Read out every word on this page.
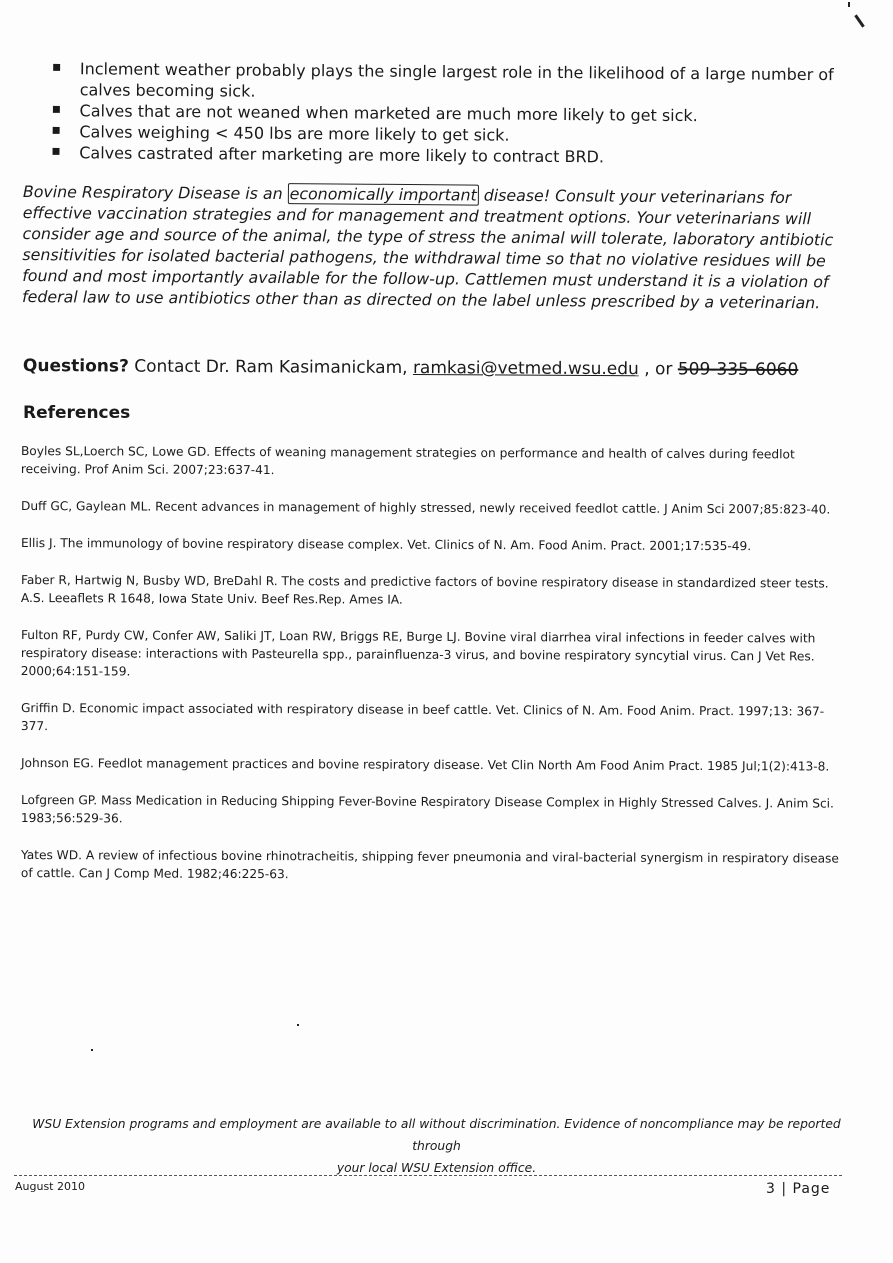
▪ Inclement weather probably plays the single largest role in the likelihood of a large number of calves becoming sick.
▪ Calves that are not weaned when marketed are much more likely to get sick.
▪ Calves weighing < 450 lbs are more likely to get sick.
▪ Calves castrated after marketing are more likely to contract BRD.

Bovine Respiratory Disease is an economically important disease! Consult your veterinarians for effective vaccination strategies and for management and treatment options. Your veterinarians will consider age and source of the animal, the type of stress the animal will tolerate, laboratory antibiotic sensitivities for isolated bacterial pathogens, the withdrawal time so that no violative residues will be found and most importantly available for the follow-up. Cattlemen must understand it is a violation of federal law to use antibiotics other than as directed on the label unless prescribed by a veterinarian.

Questions? Contact Dr. Ram Kasimanickam, ramkasi@vetmed.wsu.edu , or 509-335-6060
References

Boyles SL,Loerch SC, Lowe GD. Effects of weaning management strategies on performance and health of calves during feedlot receiving. Prof Anim Sci. 2007;23:637-41.

Duff GC, Gaylean ML. Recent advances in management of highly stressed, newly received feedlot cattle. J Anim Sci 2007;85:823-40.

Ellis J. The immunology of bovine respiratory disease complex. Vet. Clinics of N. Am. Food Anim. Pract. 2001;17:535-49.

Faber R, Hartwig N, Busby WD, BreDahl R. The costs and predictive factors of bovine respiratory disease in standardized steer tests. A.S. Leeaflets R 1648, Iowa State Univ. Beef Res.Rep. Ames IA.

Fulton RF, Purdy CW, Confer AW, Saliki JT, Loan RW, Briggs RE, Burge LJ. Bovine viral diarrhea viral infections in feeder calves with respiratory disease: interactions with Pasteurella spp., parainfluenza-3 virus, and bovine respiratory syncytial virus. Can J Vet Res. 2000;64:151-159.

Griffin D. Economic impact associated with respiratory disease in beef cattle. Vet. Clinics of N. Am. Food Anim. Pract. 1997;13: 367-377.

Johnson EG. Feedlot management practices and bovine respiratory disease. Vet Clin North Am Food Anim Pract. 1985 Jul;1(2):413-8.

Lofgreen GP. Mass Medication in Reducing Shipping Fever-Bovine Respiratory Disease Complex in Highly Stressed Calves. J. Anim Sci. 1983;56:529-36.

Yates WD. A review of infectious bovine rhinotracheitis, shipping fever pneumonia and viral-bacterial synergism in respiratory disease of cattle. Can J Comp Med. 1982;46:225-63.

WSU Extension programs and employment are available to all without discrimination. Evidence of noncompliance may be reported through
your local WSU Extension office.
August 2010	3 | Page
